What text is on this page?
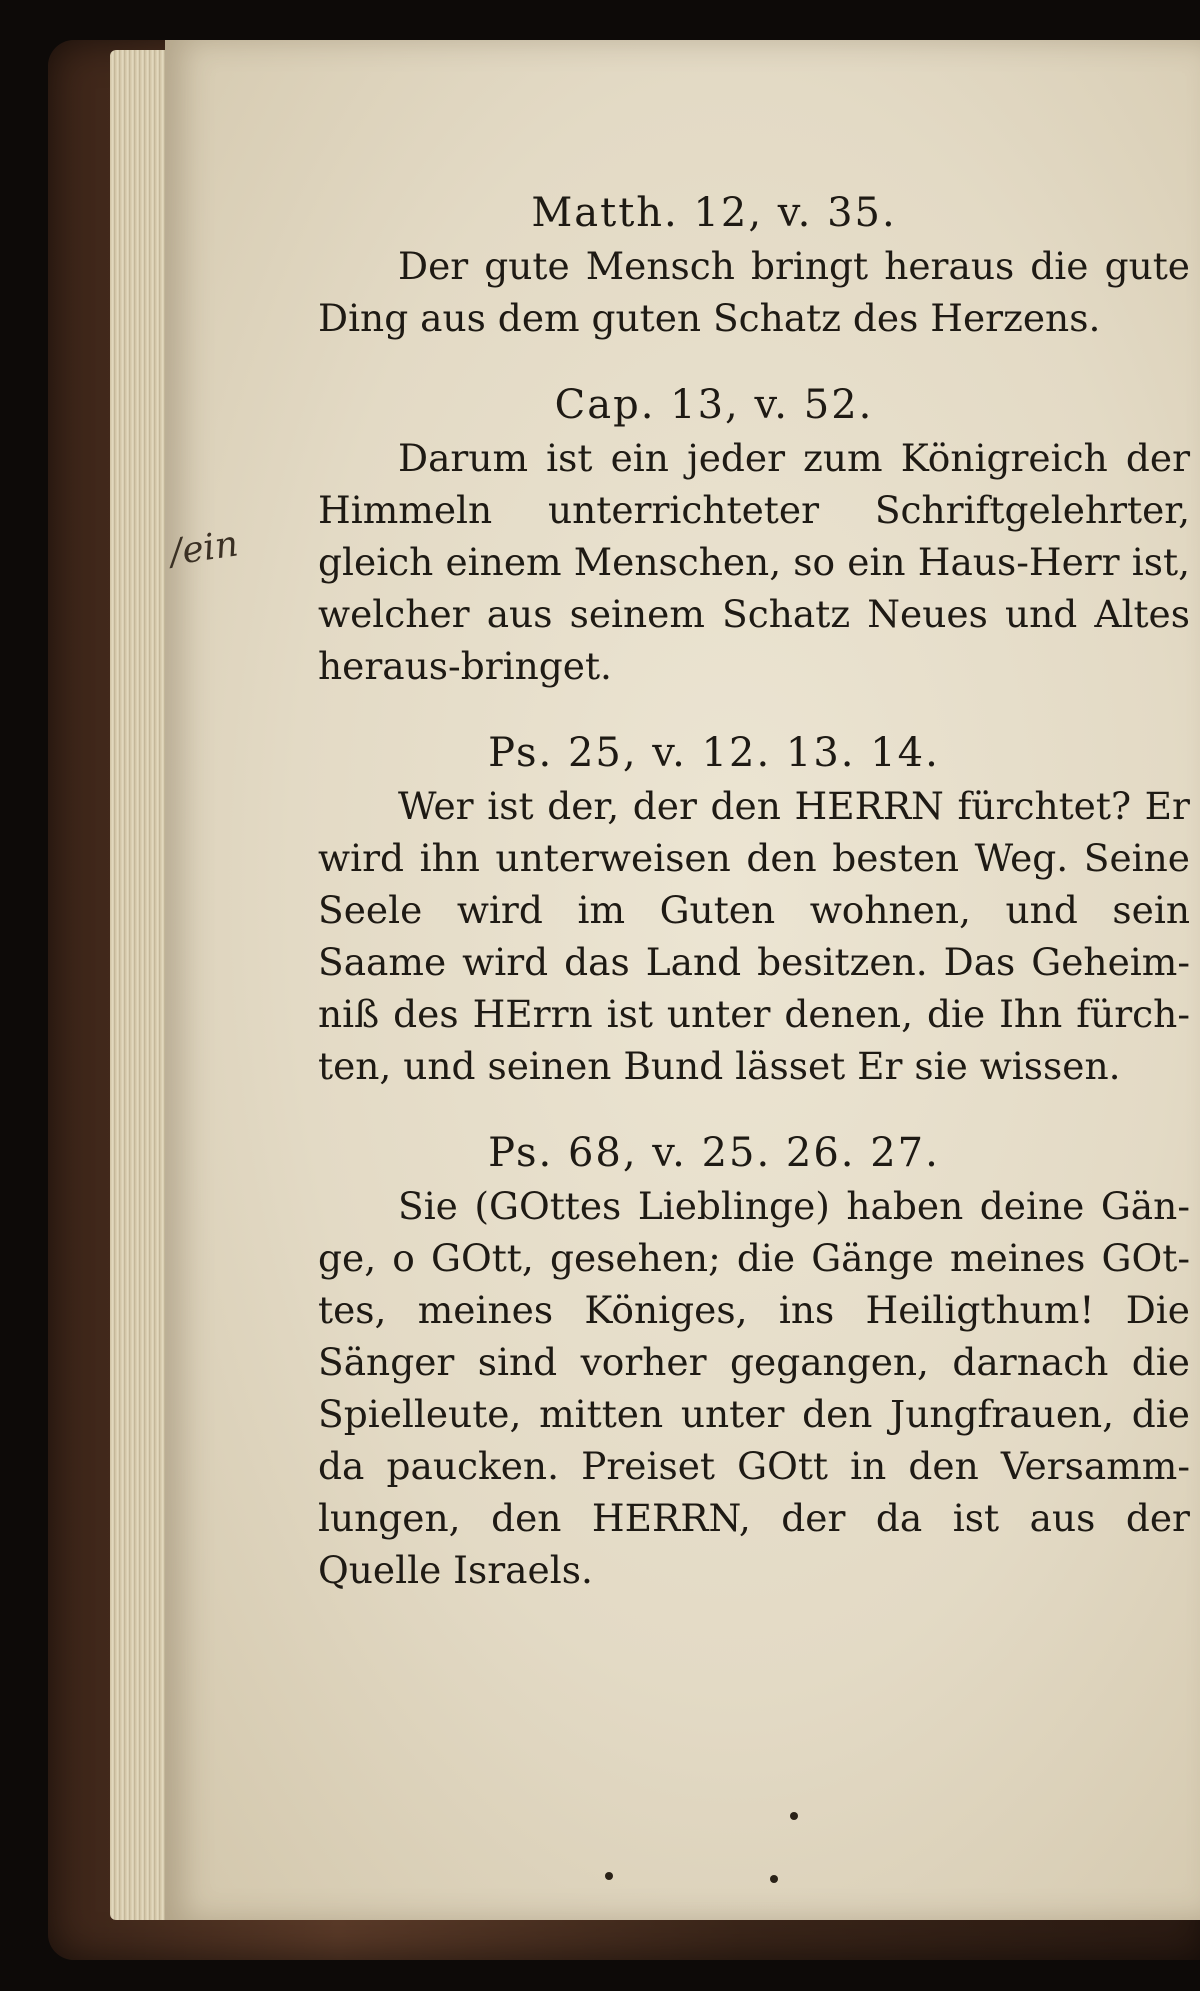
/ein
Matth. 12, v. 35.

Der gute Mensch bringt heraus die gute Ding aus dem guten Schatz des Herzens.

Cap. 13, v. 52.

Darum ist ein jeder zum Königreich der Himmeln unterrichteter Schriftgelehrter, gleich einem Menschen, so ein Haus-Herr ist, welcher aus seinem Schatz Neues und Altes heraus-bringet.

Ps. 25, v. 12. 13. 14.

Wer ist der, der den HERRN fürchtet? Er wird ihn unterweisen den besten Weg. Seine Seele wird im Guten wohnen, und sein Saame wird das Land besitzen. Das Geheim-niß des HErrn ist unter denen, die Ihn fürch-ten, und seinen Bund lässet Er sie wissen.

Ps. 68, v. 25. 26. 27.

Sie (GOttes Lieblinge) haben deine Gän-ge, o GOtt, gesehen; die Gänge meines GOt-tes, meines Königes, ins Heiligthum! Die Sänger sind vorher gegangen, darnach die Spielleute, mitten unter den Jungfrauen, die da paucken. Preiset GOtt in den Versamm-lungen, den HERRN, der da ist aus der Quelle Israels.
